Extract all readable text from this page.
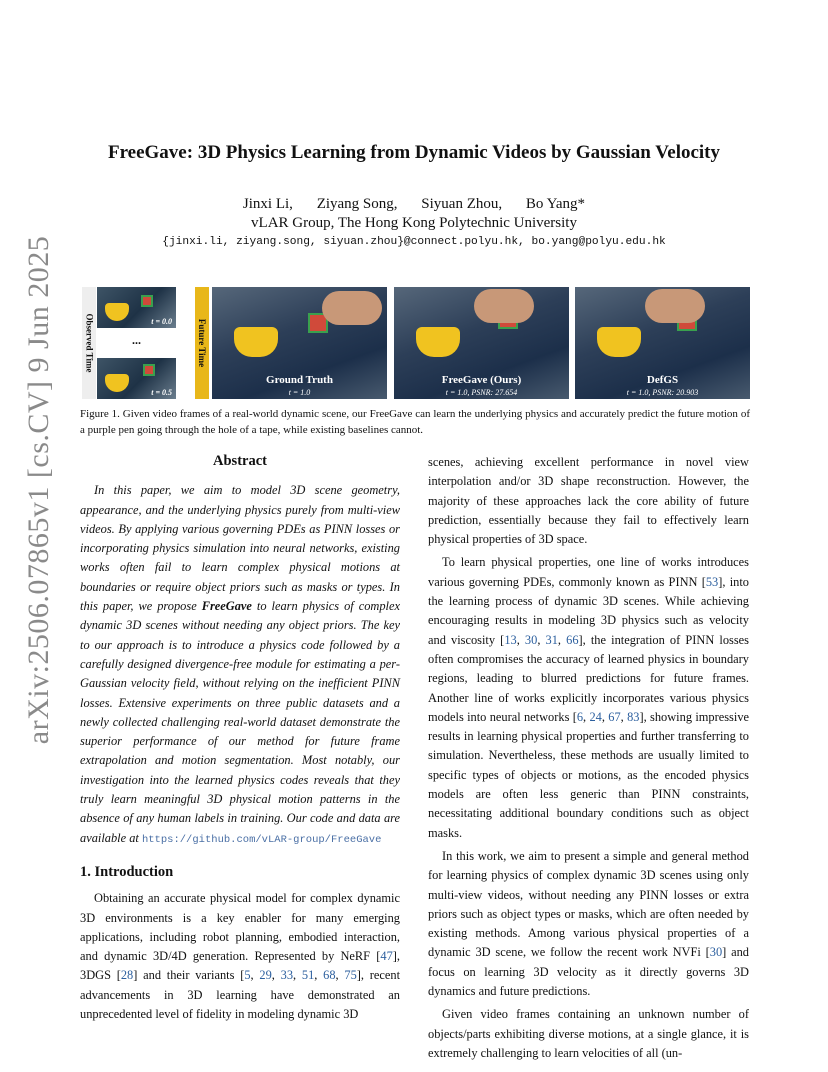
arXiv:2506.07865v1 [cs.CV] 9 Jun 2025
FreeGave: 3D Physics Learning from Dynamic Videos by Gaussian Velocity
Jinxi Li, Ziyang Song, Siyuan Zhou, Bo Yang*
vLAR Group, The Hong Kong Polytechnic University
{jinxi.li, ziyang.song, siyuan.zhou}@connect.polyu.hk, bo.yang@polyu.edu.hk
Observed Time	t = 0.0
...
t = 0.5
Future Time
Ground Truth
t = 1.0
FreeGave (Ours)
t = 1.0, PSNR: 27.654
DefGS
t = 1.0, PSNR: 20.903
Figure 1. Given video frames of a real-world dynamic scene, our FreeGave can learn the underlying physics and accurately predict the future motion of a purple pen going through the hole of a tape, while existing baselines cannot.
Abstract
In this paper, we aim to model 3D scene geometry, appearance, and the underlying physics purely from multi-view videos. By applying various governing PDEs as PINN losses or incorporating physics simulation into neural networks, existing works often fail to learn complex physical motions at boundaries or require object priors such as masks or types. In this paper, we propose FreeGave to learn physics of complex dynamic 3D scenes without needing any object priors. The key to our approach is to introduce a physics code followed by a carefully designed divergence-free module for estimating a per-Gaussian velocity field, without relying on the inefficient PINN losses. Extensive experiments on three public datasets and a newly collected challenging real-world dataset demonstrate the superior performance of our method for future frame extrapolation and motion segmentation. Most notably, our investigation into the learned physics codes reveals that they truly learn meaningful 3D physical motion patterns in the absence of any human labels in training. Our code and data are available at https://github.com/vLAR-group/FreeGave
1. Introduction
Obtaining an accurate physical model for complex dynamic 3D environments is a key enabler for many emerging applications, including robot planning, embodied interaction, and dynamic 3D/4D generation. Represented by NeRF [47], 3DGS [28] and their variants [5, 29, 33, 51, 68, 75], recent advancements in 3D learning have demonstrated an unprecedented level of fidelity in modeling dynamic 3D
scenes, achieving excellent performance in novel view interpolation and/or 3D shape reconstruction. However, the majority of these approaches lack the core ability of future prediction, essentially because they fail to effectively learn physical properties of 3D space.
To learn physical properties, one line of works introduces various governing PDEs, commonly known as PINN [53], into the learning process of dynamic 3D scenes. While achieving encouraging results in modeling 3D physics such as velocity and viscosity [13, 30, 31, 66], the integration of PINN losses often compromises the accuracy of learned physics in boundary regions, leading to blurred predictions for future frames. Another line of works explicitly incorporates various physics models into neural networks [6, 24, 67, 83], showing impressive results in learning physical properties and further transferring to simulation. Nevertheless, these methods are usually limited to specific types of objects or motions, as the encoded physics models are often less generic than PINN constraints, necessitating additional boundary conditions such as object masks.
In this work, we aim to present a simple and general method for learning physics of complex dynamic 3D scenes using only multi-view videos, without needing any PINN losses or extra priors such as object types or masks, which are often needed by existing methods. Among various physical properties of a dynamic 3D scene, we follow the recent work NVFi [30] and focus on learning 3D velocity as it directly governs 3D dynamics and future predictions.
Given video frames containing an unknown number of objects/parts exhibiting diverse motions, at a single glance, it is extremely challenging to learn velocities of all (un-
